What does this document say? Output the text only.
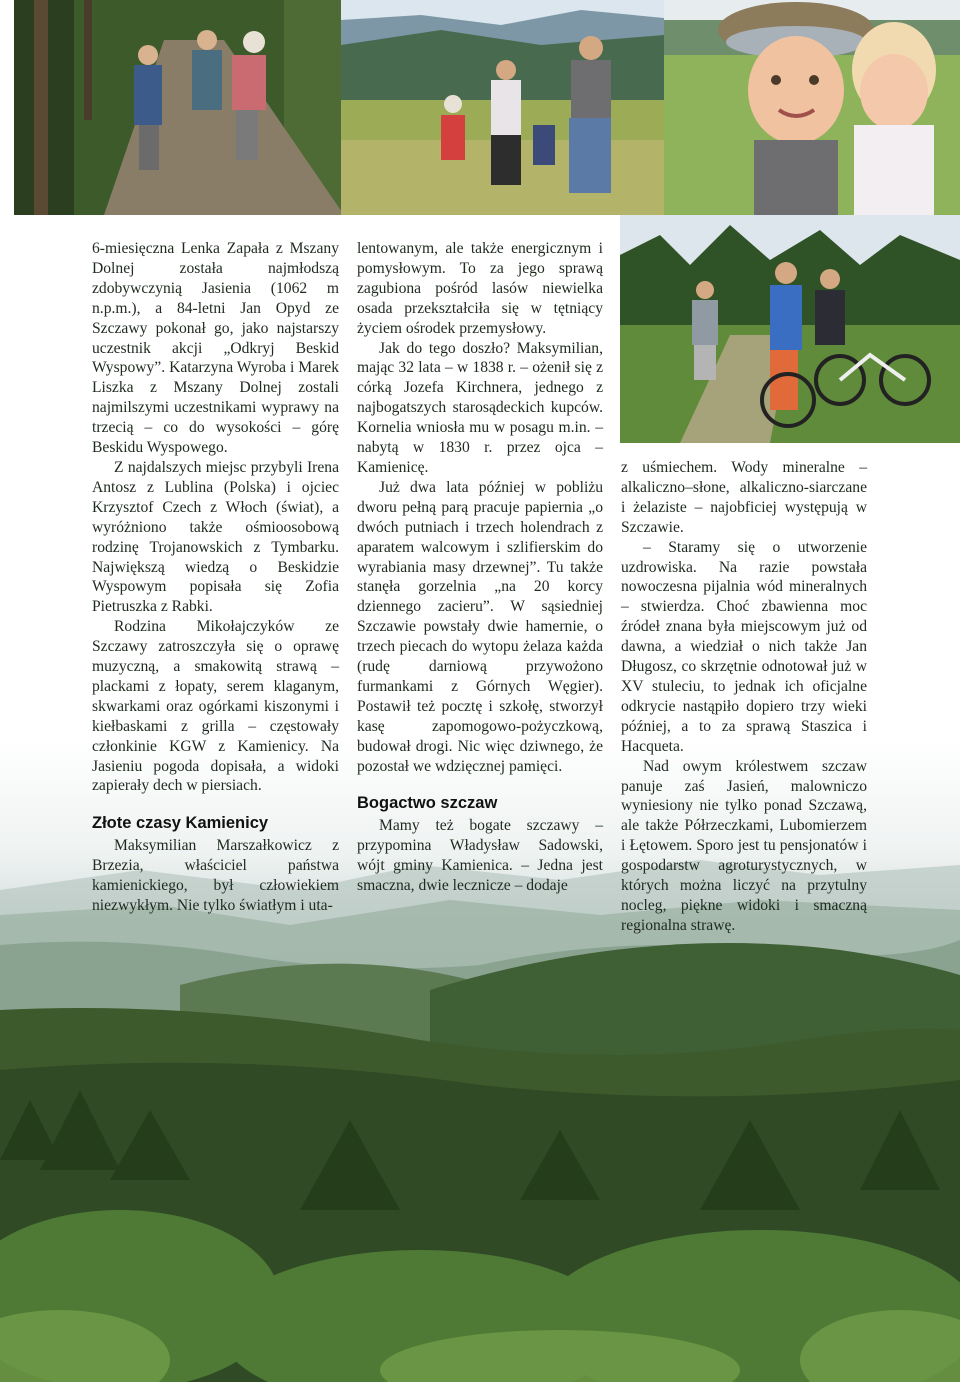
6-miesięczna Lenka Zapała z Mszany Dolnej została najmłodszą zdobywczynią Jasienia (1062 m n.p.m.), a 84-letni Jan Opyd ze Szczawy pokonał go, jako najstarszy uczestnik akcji „Odkryj Beskid Wyspowy”. Katarzyna Wyroba i Marek Liszka z Mszany Dolnej zostali najmilszymi uczestnikami wyprawy na trzecią – co do wysokości – górę Beskidu Wyspowego.

Z najdalszych miejsc przybyli Irena Antosz z Lublina (Polska) i ojciec Krzysztof Czech z Włoch (świat), a wyróżniono także ośmioosobową rodzinę Trojanowskich z Tymbarku. Największą wiedzą o Beskidzie Wyspowym popisała się Zofia Pietruszka z Rabki.

Rodzina Mikołajczyków ze Szczawy zatroszczyła się o oprawę muzyczną, a smakowitą strawą – plackami z łopaty, serem klaganym, skwarkami oraz ogórkami kiszonymi i kiełbaskami z grilla – częstowały członkinie KGW z Kamienicy. Na Jasieniu pogoda dopisała, a widoki zapierały dech w piersiach.

Złote czasy Kamienicy

Maksymilian Marszałkowicz z Brzezia, właściciel państwa kamienickiego, był człowiekiem niezwykłym. Nie tylko światłym i uta-

lentowanym, ale także energicznym i pomysłowym. To za jego sprawą zagubiona pośród lasów niewielka osada przekształciła się w tętniący życiem ośrodek przemysłowy.

Jak do tego doszło? Maksymilian, mając 32 lata – w 1838 r. – ożenił się z córką Jozefa Kirchnera, jednego z najbogatszych starosądeckich kupców. Kornelia wniosła mu w posagu m.in. – nabytą w 1830 r. przez ojca – Kamienicę.

Już dwa lata później w pobliżu dworu pełną parą pracuje papiernia „o dwóch putniach i trzech holendrach z aparatem walcowym i szlifierskim do wyrabiania masy drzewnej”. Tu także stanęła gorzelnia „na 20 korcy dziennego zacieru”. W sąsiedniej Szczawie powstały dwie hamernie, o trzech piecach do wytopu żelaza każda (rudę darniową przywożono furmankami z Górnych Węgier). Postawił też pocztę i szkołę, stworzył kasę zapomogowo-pożyczkową, budował drogi. Nic więc dziwnego, że pozostał we wdzięcznej pamięci.

Bogactwo szczaw

Mamy też bogate szczawy – przypomina Władysław Sadowski, wójt gminy Kamienica. – Jedna jest smaczna, dwie lecznicze – dodaje

z uśmiechem. Wody mineralne – alkaliczno–słone, alkaliczno-siarczane i żelaziste – najobficiej występują w Szczawie.

– Staramy się o utworzenie uzdrowiska. Na razie powstała nowoczesna pijalnia wód mineralnych – stwierdza. Choć zbawienna moc źródeł znana była miejscowym już od dawna, a wiedział o nich także Jan Długosz, co skrzętnie odnotował już w XV stuleciu, to jednak ich oficjalne odkrycie nastąpiło dopiero trzy wieki później, a to za sprawą Staszica i Hacqueta.

Nad owym królestwem szczaw panuje zaś Jasień, malowniczo wyniesiony nie tylko ponad Szczawą, ale także Półrzeczkami, Lubomierzem i Łętowem. Sporo jest tu pensjonatów i gospodarstw agroturystycznych, w których można liczyć na przytulny nocleg, piękne widoki i smaczną regionalna strawę.
